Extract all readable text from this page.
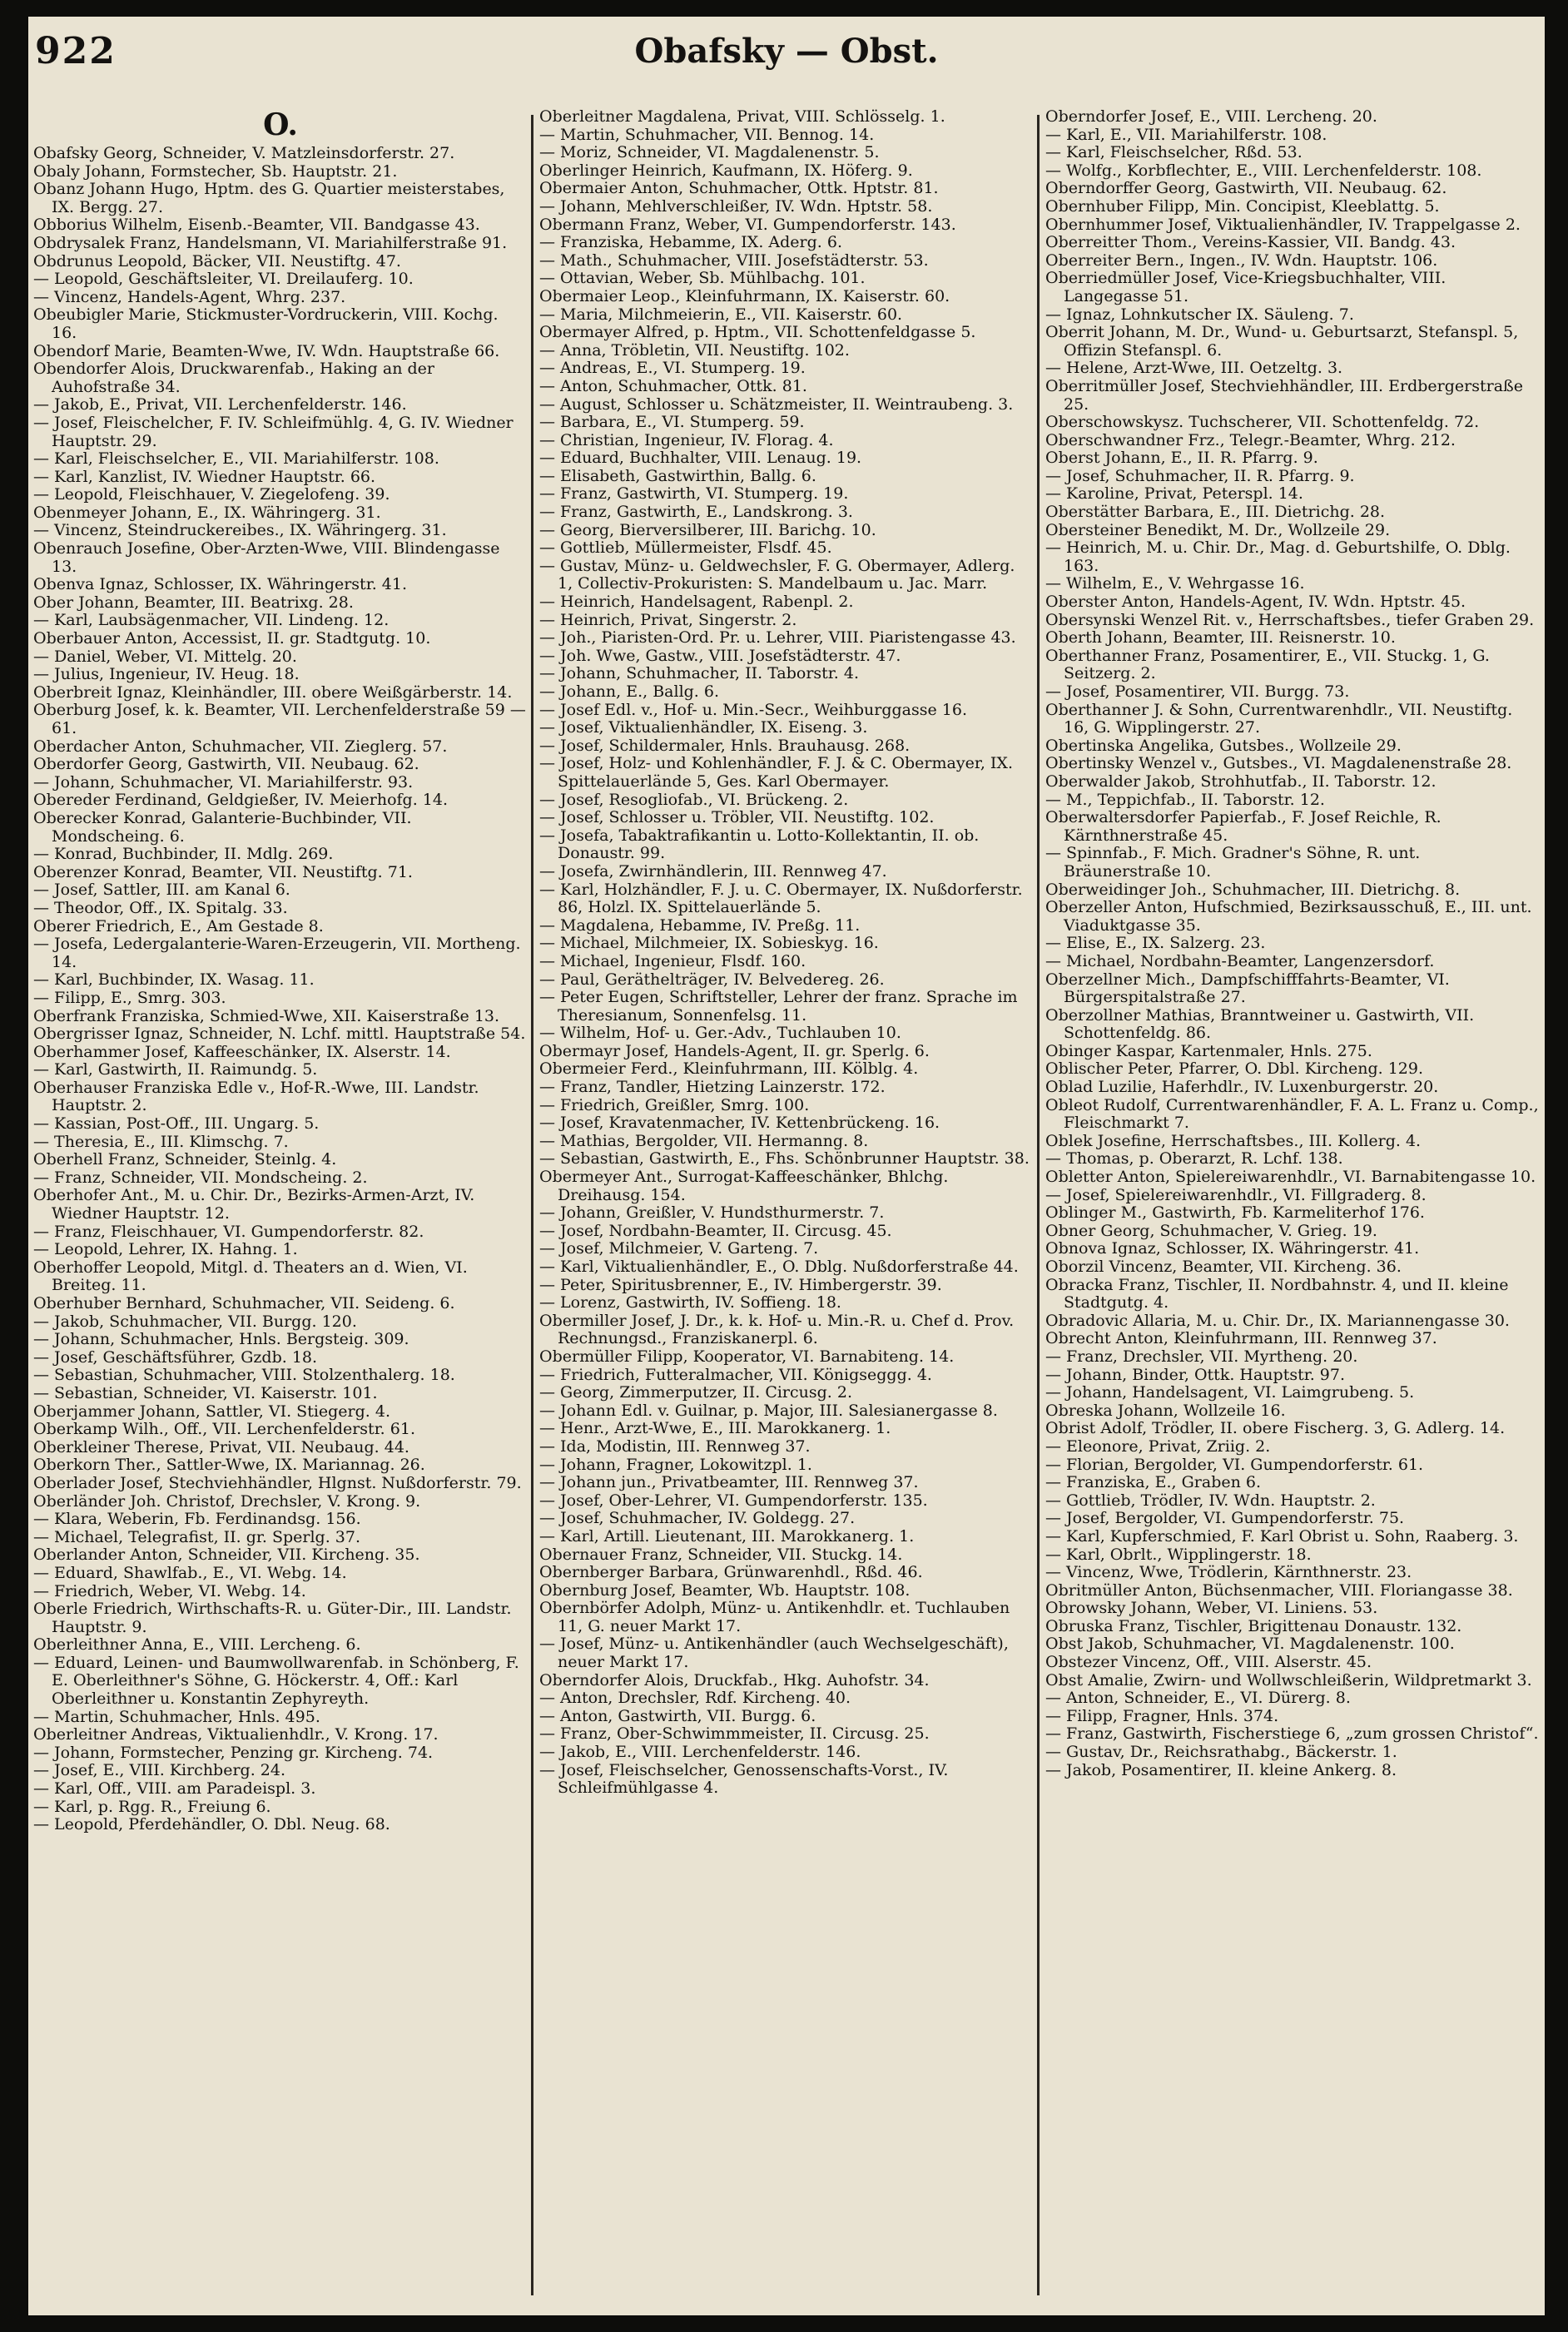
922	Obafsky — Obst.
O.
Obafsky Georg, Schneider, V. Matzleinsdorferstr. 27.
Obaly Johann, Formstecher, Sb. Hauptstr. 21.
Obanz Johann Hugo, Hptm. des G. Quartier meisterstabes, IX. Bergg. 27.
Obborius Wilhelm, Eisenb.-Beamter, VII. Bandgasse 43.
Obdrysalek Franz, Handelsmann, VI. Mariahilferstraße 91.
Obdrunus Leopold, Bäcker, VII. Neustiftg. 47.
— Leopold, Geschäftsleiter, VI. Dreilauferg. 10.
— Vincenz, Handels-Agent, Whrg. 237.
Obeubigler Marie, Stickmuster-Vordruckerin, VIII. Kochg. 16.
Obendorf Marie, Beamten-Wwe, IV. Wdn. Hauptstraße 66.
Obendorfer Alois, Druckwarenfab., Haking an der Auhofstraße 34.
— Jakob, E., Privat, VII. Lerchenfelderstr. 146.
— Josef, Fleischelcher, F. IV. Schleifmühlg. 4, G. IV. Wiedner Hauptstr. 29.
— Karl, Fleischselcher, E., VII. Mariahilferstr. 108.
— Karl, Kanzlist, IV. Wiedner Hauptstr. 66.
— Leopold, Fleischhauer, V. Ziegelofeng. 39.
Obenmeyer Johann, E., IX. Währingerg. 31.
— Vincenz, Steindruckereibes., IX. Währingerg. 31.
Obenrauch Josefine, Ober-Arzten-Wwe, VIII. Blindengasse 13.
Obenva Ignaz, Schlosser, IX. Währingerstr. 41.
Ober Johann, Beamter, III. Beatrixg. 28.
— Karl, Laubsägenmacher, VII. Lindeng. 12.
Oberbauer Anton, Accessist, II. gr. Stadtgutg. 10.
— Daniel, Weber, VI. Mittelg. 20.
— Julius, Ingenieur, IV. Heug. 18.
Oberbreit Ignaz, Kleinhändler, III. obere Weißgärberstr. 14.
Oberburg Josef, k. k. Beamter, VII. Lerchenfelderstraße 59 — 61.
Oberdacher Anton, Schuhmacher, VII. Zieglerg. 57.
Oberdorfer Georg, Gastwirth, VII. Neubaug. 62.
— Johann, Schuhmacher, VI. Mariahilferstr. 93.
Obereder Ferdinand, Geldgießer, IV. Meierhofg. 14.
Oberecker Konrad, Galanterie-Buchbinder, VII. Mondscheing. 6.
— Konrad, Buchbinder, II. Mdlg. 269.
Oberenzer Konrad, Beamter, VII. Neustiftg. 71.
— Josef, Sattler, III. am Kanal 6.
— Theodor, Off., IX. Spitalg. 33.
Oberer Friedrich, E., Am Gestade 8.
— Josefa, Ledergalanterie-Waren-Erzeugerin, VII. Mortheng. 14.
— Karl, Buchbinder, IX. Wasag. 11.
— Filipp, E., Smrg. 303.
Oberfrank Franziska, Schmied-Wwe, XII. Kaiserstraße 13.
Obergrisser Ignaz, Schneider, N. Lchf. mittl. Hauptstraße 54.
Oberhammer Josef, Kaffeeschänker, IX. Alserstr. 14.
— Karl, Gastwirth, II. Raimundg. 5.
Oberhauser Franziska Edle v., Hof-R.-Wwe, III. Landstr. Hauptstr. 2.
— Kassian, Post-Off., III. Ungarg. 5.
— Theresia, E., III. Klimschg. 7.
Oberhell Franz, Schneider, Steinlg. 4.
— Franz, Schneider, VII. Mondscheing. 2.
Oberhofer Ant., M. u. Chir. Dr., Bezirks-Armen-Arzt, IV. Wiedner Hauptstr. 12.
— Franz, Fleischhauer, VI. Gumpendorferstr. 82.
— Leopold, Lehrer, IX. Hahng. 1.
Oberhoffer Leopold, Mitgl. d. Theaters an d. Wien, VI. Breiteg. 11.
Oberhuber Bernhard, Schuhmacher, VII. Seideng. 6.
— Jakob, Schuhmacher, VII. Burgg. 120.
— Johann, Schuhmacher, Hnls. Bergsteig. 309.
— Josef, Geschäftsführer, Gzdb. 18.
— Sebastian, Schuhmacher, VIII. Stolzenthalerg. 18.
— Sebastian, Schneider, VI. Kaiserstr. 101.
Oberjammer Johann, Sattler, VI. Stiegerg. 4.
Oberkamp Wilh., Off., VII. Lerchenfelderstr. 61.
Oberkleiner Therese, Privat, VII. Neubaug. 44.
Oberkorn Ther., Sattler-Wwe, IX. Mariannag. 26.
Oberlader Josef, Stechviehhändler, Hlgnst. Nußdorferstr. 79.
Oberländer Joh. Christof, Drechsler, V. Krong. 9.
— Klara, Weberin, Fb. Ferdinandsg. 156.
— Michael, Telegrafist, II. gr. Sperlg. 37.
Oberlander Anton, Schneider, VII. Kircheng. 35.
— Eduard, Shawlfab., E., VI. Webg. 14.
— Friedrich, Weber, VI. Webg. 14.
Oberle Friedrich, Wirthschafts-R. u. Güter-Dir., III. Landstr. Hauptstr. 9.
Oberleithner Anna, E., VIII. Lercheng. 6.
— Eduard, Leinen- und Baumwollwarenfab. in Schönberg, F. E. Oberleithner's Söhne, G. Höckerstr. 4, Off.: Karl Oberleithner u. Konstantin Zephyreyth.
— Martin, Schuhmacher, Hnls. 495.
Oberleitner Andreas, Viktualienhdlr., V. Krong. 17.
— Johann, Formstecher, Penzing gr. Kircheng. 74.
— Josef, E., VIII. Kirchberg. 24.
— Karl, Off., VIII. am Paradeispl. 3.
— Karl, p. Rgg. R., Freiung 6.
— Leopold, Pferdehändler, O. Dbl. Neug. 68.
Oberleitner Magdalena, Privat, VIII. Schlösselg. 1.
— Martin, Schuhmacher, VII. Bennog. 14.
— Moriz, Schneider, VI. Magdalenenstr. 5.
Oberlinger Heinrich, Kaufmann, IX. Höferg. 9.
Obermaier Anton, Schuhmacher, Ottk. Hptstr. 81.
— Johann, Mehlverschleißer, IV. Wdn. Hptstr. 58.
Obermann Franz, Weber, VI. Gumpendorferstr. 143.
— Franziska, Hebamme, IX. Aderg. 6.
— Math., Schuhmacher, VIII. Josefstädterstr. 53.
— Ottavian, Weber, Sb. Mühlbachg. 101.
Obermaier Leop., Kleinfuhrmann, IX. Kaiserstr. 60.
— Maria, Milchmeierin, E., VII. Kaiserstr. 60.
Obermayer Alfred, p. Hptm., VII. Schottenfeldgasse 5.
— Anna, Tröbletin, VII. Neustiftg. 102.
— Andreas, E., VI. Stumperg. 19.
— Anton, Schuhmacher, Ottk. 81.
— August, Schlosser u. Schätzmeister, II. Weintraubeng. 3.
— Barbara, E., VI. Stumperg. 59.
— Christian, Ingenieur, IV. Florag. 4.
— Eduard, Buchhalter, VIII. Lenaug. 19.
— Elisabeth, Gastwirthin, Ballg. 6.
— Franz, Gastwirth, VI. Stumperg. 19.
— Franz, Gastwirth, E., Landskrong. 3.
— Georg, Bierversilberer, III. Barichg. 10.
— Gottlieb, Müllermeister, Flsdf. 45.
— Gustav, Münz- u. Geldwechsler, F. G. Obermayer, Adlerg. 1, Collectiv-Prokuristen: S. Mandelbaum u. Jac. Marr.
— Heinrich, Handelsagent, Rabenpl. 2.
— Heinrich, Privat, Singerstr. 2.
— Joh., Piaristen-Ord. Pr. u. Lehrer, VIII. Piaristengasse 43.
— Joh. Wwe, Gastw., VIII. Josefstädterstr. 47.
— Johann, Schuhmacher, II. Taborstr. 4.
— Johann, E., Ballg. 6.
— Josef Edl. v., Hof- u. Min.-Secr., Weihburggasse 16.
— Josef, Viktualienhändler, IX. Eiseng. 3.
— Josef, Schildermaler, Hnls. Brauhausg. 268.
— Josef, Holz- und Kohlenhändler, F. J. & C. Obermayer, IX. Spittelauerlände 5, Ges. Karl Obermayer.
— Josef, Resogliofab., VI. Brückeng. 2.
— Josef, Schlosser u. Tröbler, VII. Neustiftg. 102.
— Josefa, Tabaktrafikantin u. Lotto-Kollektantin, II. ob. Donaustr. 99.
— Josefa, Zwirnhändlerin, III. Rennweg 47.
— Karl, Holzhändler, F. J. u. C. Obermayer, IX. Nußdorferstr. 86, Holzl. IX. Spittelauerlände 5.
— Magdalena, Hebamme, IV. Preßg. 11.
— Michael, Milchmeier, IX. Sobieskyg. 16.
— Michael, Ingenieur, Flsdf. 160.
— Paul, Geräthelträger, IV. Belvedereg. 26.
— Peter Eugen, Schriftsteller, Lehrer der franz. Sprache im Theresianum, Sonnenfelsg. 11.
— Wilhelm, Hof- u. Ger.-Adv., Tuchlauben 10.
Obermayr Josef, Handels-Agent, II. gr. Sperlg. 6.
Obermeier Ferd., Kleinfuhrmann, III. Kölblg. 4.
— Franz, Tandler, Hietzing Lainzerstr. 172.
— Friedrich, Greißler, Smrg. 100.
— Josef, Kravatenmacher, IV. Kettenbrückeng. 16.
— Mathias, Bergolder, VII. Hermanng. 8.
— Sebastian, Gastwirth, E., Fhs. Schönbrunner Hauptstr. 38.
Obermeyer Ant., Surrogat-Kaffeeschänker, Bhlchg. Dreihausg. 154.
— Johann, Greißler, V. Hundsthurmerstr. 7.
— Josef, Nordbahn-Beamter, II. Circusg. 45.
— Josef, Milchmeier, V. Garteng. 7.
— Karl, Viktualienhändler, E., O. Dblg. Nußdorferstraße 44.
— Peter, Spiritusbrenner, E., IV. Himbergerstr. 39.
— Lorenz, Gastwirth, IV. Soffieng. 18.
Obermiller Josef, J. Dr., k. k. Hof- u. Min.-R. u. Chef d. Prov. Rechnungsd., Franziskanerpl. 6.
Obermüller Filipp, Kooperator, VI. Barnabiteng. 14.
— Friedrich, Futteralmacher, VII. Königseggg. 4.
— Georg, Zimmerputzer, II. Circusg. 2.
— Johann Edl. v. Guilnar, p. Major, III. Salesianergasse 8.
— Henr., Arzt-Wwe, E., III. Marokkanerg. 1.
— Ida, Modistin, III. Rennweg 37.
— Johann, Fragner, Lokowitzpl. 1.
— Johann jun., Privatbeamter, III. Rennweg 37.
— Josef, Ober-Lehrer, VI. Gumpendorferstr. 135.
— Josef, Schuhmacher, IV. Goldegg. 27.
— Karl, Artill. Lieutenant, III. Marokkanerg. 1.
Obernauer Franz, Schneider, VII. Stuckg. 14.
Obernberger Barbara, Grünwarenhdl., Rßd. 46.
Obernburg Josef, Beamter, Wb. Hauptstr. 108.
Obernbörfer Adolph, Münz- u. Antikenhdlr. et. Tuchlauben 11, G. neuer Markt 17.
— Josef, Münz- u. Antikenhändler (auch Wechselgeschäft), neuer Markt 17.
Oberndorfer Alois, Druckfab., Hkg. Auhofstr. 34.
— Anton, Drechsler, Rdf. Kircheng. 40.
— Anton, Gastwirth, VII. Burgg. 6.
— Franz, Ober-Schwimmmeister, II. Circusg. 25.
— Jakob, E., VIII. Lerchenfelderstr. 146.
— Josef, Fleischselcher, Genossenschafts-Vorst., IV. Schleifmühlgasse 4.
Oberndorfer Josef, E., VIII. Lercheng. 20.
— Karl, E., VII. Mariahilferstr. 108.
— Karl, Fleischselcher, Rßd. 53.
— Wolfg., Korbflechter, E., VIII. Lerchenfelderstr. 108.
Oberndorffer Georg, Gastwirth, VII. Neubaug. 62.
Obernhuber Filipp, Min. Concipist, Kleeblattg. 5.
Obernhummer Josef, Viktualienhändler, IV. Trappelgasse 2.
Oberreitter Thom., Vereins-Kassier, VII. Bandg. 43.
Oberreiter Bern., Ingen., IV. Wdn. Hauptstr. 106.
Oberriedmüller Josef, Vice-Kriegsbuchhalter, VIII. Langegasse 51.
— Ignaz, Lohnkutscher IX. Säuleng. 7.
Oberrit Johann, M. Dr., Wund- u. Geburtsarzt, Stefanspl. 5, Offizin Stefanspl. 6.
— Helene, Arzt-Wwe, III. Oetzeltg. 3.
Oberritmüller Josef, Stechviehhändler, III. Erdbergerstraße 25.
Oberschowskysz. Tuchscherer, VII. Schottenfeldg. 72.
Oberschwandner Frz., Telegr.-Beamter, Whrg. 212.
Oberst Johann, E., II. R. Pfarrg. 9.
— Josef, Schuhmacher, II. R. Pfarrg. 9.
— Karoline, Privat, Peterspl. 14.
Oberstätter Barbara, E., III. Dietrichg. 28.
Obersteiner Benedikt, M. Dr., Wollzeile 29.
— Heinrich, M. u. Chir. Dr., Mag. d. Geburtshilfe, O. Dblg. 163.
— Wilhelm, E., V. Wehrgasse 16.
Oberster Anton, Handels-Agent, IV. Wdn. Hptstr. 45.
Obersynski Wenzel Rit. v., Herrschaftsbes., tiefer Graben 29.
Oberth Johann, Beamter, III. Reisnerstr. 10.
Oberthanner Franz, Posamentirer, E., VII. Stuckg. 1, G. Seitzerg. 2.
— Josef, Posamentirer, VII. Burgg. 73.
Oberthanner J. & Sohn, Currentwarenhdlr., VII. Neustiftg. 16, G. Wipplingerstr. 27.
Obertinska Angelika, Gutsbes., Wollzeile 29.
Obertinsky Wenzel v., Gutsbes., VI. Magdalenenstraße 28.
Oberwalder Jakob, Strohhutfab., II. Taborstr. 12.
— M., Teppichfab., II. Taborstr. 12.
Oberwaltersdorfer Papierfab., F. Josef Reichle, R. Kärnthnerstraße 45.
— Spinnfab., F. Mich. Gradner's Söhne, R. unt. Bräunerstraße 10.
Oberweidinger Joh., Schuhmacher, III. Dietrichg. 8.
Oberzeller Anton, Hufschmied, Bezirksausschuß, E., III. unt. Viaduktgasse 35.
— Elise, E., IX. Salzerg. 23.
— Michael, Nordbahn-Beamter, Langenzersdorf.
Oberzellner Mich., Dampfschifffahrts-Beamter, VI. Bürgerspitalstraße 27.
Oberzollner Mathias, Branntweiner u. Gastwirth, VII. Schottenfeldg. 86.
Obinger Kaspar, Kartenmaler, Hnls. 275.
Oblischer Peter, Pfarrer, O. Dbl. Kircheng. 129.
Oblad Luzilie, Haferhdlr., IV. Luxenburgerstr. 20.
Obleot Rudolf, Currentwarenhändler, F. A. L. Franz u. Comp., Fleischmarkt 7.
Oblek Josefine, Herrschaftsbes., III. Kollerg. 4.
— Thomas, p. Oberarzt, R. Lchf. 138.
Obletter Anton, Spielereiwarenhdlr., VI. Barnabitengasse 10.
— Josef, Spielereiwarenhdlr., VI. Fillgraderg. 8.
Oblinger M., Gastwirth, Fb. Karmeliterhof 176.
Obner Georg, Schuhmacher, V. Grieg. 19.
Obnova Ignaz, Schlosser, IX. Währingerstr. 41.
Oborzil Vincenz, Beamter, VII. Kircheng. 36.
Obracka Franz, Tischler, II. Nordbahnstr. 4, und II. kleine Stadtgutg. 4.
Obradovic Allaria, M. u. Chir. Dr., IX. Mariannengasse 30.
Obrecht Anton, Kleinfuhrmann, III. Rennweg 37.
— Franz, Drechsler, VII. Myrtheng. 20.
— Johann, Binder, Ottk. Hauptstr. 97.
— Johann, Handelsagent, VI. Laimgrubeng. 5.
Obreska Johann, Wollzeile 16.
Obrist Adolf, Trödler, II. obere Fischerg. 3, G. Adlerg. 14.
— Eleonore, Privat, Zriig. 2.
— Florian, Bergolder, VI. Gumpendorferstr. 61.
— Franziska, E., Graben 6.
— Gottlieb, Trödler, IV. Wdn. Hauptstr. 2.
— Josef, Bergolder, VI. Gumpendorferstr. 75.
— Karl, Kupferschmied, F. Karl Obrist u. Sohn, Raaberg. 3.
— Karl, Obrlt., Wipplingerstr. 18.
— Vincenz, Wwe, Trödlerin, Kärnthnerstr. 23.
Obritmüller Anton, Büchsenmacher, VIII. Floriangasse 38.
Obrowsky Johann, Weber, VI. Liniens. 53.
Obruska Franz, Tischler, Brigittenau Donaustr. 132.
Obst Jakob, Schuhmacher, VI. Magdalenenstr. 100.
Obstezer Vincenz, Off., VIII. Alserstr. 45.
Obst Amalie, Zwirn- und Wollwschleißerin, Wildpretmarkt 3.
— Anton, Schneider, E., VI. Dürerg. 8.
— Filipp, Fragner, Hnls. 374.
— Franz, Gastwirth, Fischerstiege 6, „zum grossen Christof“.
— Gustav, Dr., Reichsrathabg., Bäckerstr. 1.
— Jakob, Posamentirer, II. kleine Ankerg. 8.
